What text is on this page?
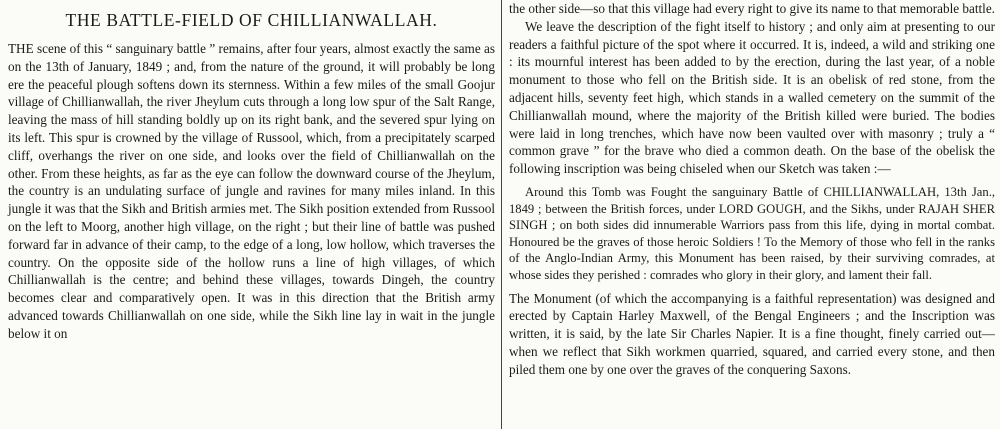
THE BATTLE-FIELD OF CHILLIANWALLAH.

THE scene of this “ sanguinary battle ” remains, after four years, almost exactly the same as on the 13th of January, 1849 ; and, from the nature of the ground, it will probably be long ere the peaceful plough softens down its sternness. Within a few miles of the small Goojur village of Chillianwallah, the river Jheylum cuts through a long low spur of the Salt Range, leaving the mass of hill standing boldly up on its right bank, and the severed spur lying on its left. This spur is crowned by the village of Russool, which, from a precipitately scarped cliff, overhangs the river on one side, and looks over the field of Chillianwallah on the other. From these heights, as far as the eye can follow the downward course of the Jheylum, the country is an undulating surface of jungle and ravines for many miles inland. In this jungle it was that the Sikh and British armies met. The Sikh position extended from Russool on the left to Moorg, another high village, on the right ; but their line of battle was pushed forward far in advance of their camp, to the edge of a long, low hollow, which traverses the country. On the opposite side of the hollow runs a line of high villages, of which Chillianwallah is the centre; and behind these villages, towards Dingeh, the country becomes clear and comparatively open. It was in this direction that the British army advanced towards Chillianwallah on one side, while the Sikh line lay in wait in the jungle below it on

the other side—so that this village had every right to give its name to that memorable battle.

We leave the description of the fight itself to history ; and only aim at presenting to our readers a faithful picture of the spot where it occurred. It is, indeed, a wild and striking one : its mournful interest has been added to by the erection, during the last year, of a noble monument to those who fell on the British side. It is an obelisk of red stone, from the adjacent hills, seventy feet high, which stands in a walled cemetery on the summit of the Chillianwallah mound, where the majority of the British killed were buried. The bodies were laid in long trenches, which have now been vaulted over with masonry ; truly a “ common grave ” for the brave who died a common death. On the base of the obelisk the following inscription was being chiseled when our Sketch was taken :—

Around this Tomb was Fought the sanguinary Battle of CHILLIANWALLAH, 13th Jan., 1849 ; between the British forces, under LORD GOUGH, and the Sikhs, under RAJAH SHER SINGH ; on both sides did innumerable Warriors pass from this life, dying in mortal combat. Honoured be the graves of those heroic Soldiers ! To the Memory of those who fell in the ranks of the Anglo-Indian Army, this Monument has been raised, by their surviving comrades, at whose sides they perished : comrades who glory in their glory, and lament their fall.

The Monument (of which the accompanying is a faithful representation) was designed and erected by Captain Harley Maxwell, of the Bengal Engineers ; and the Inscription was written, it is said, by the late Sir Charles Napier. It is a fine thought, finely carried out—when we reflect that Sikh workmen quarried, squared, and carried every stone, and then piled them one by one over the graves of the conquering Saxons.
